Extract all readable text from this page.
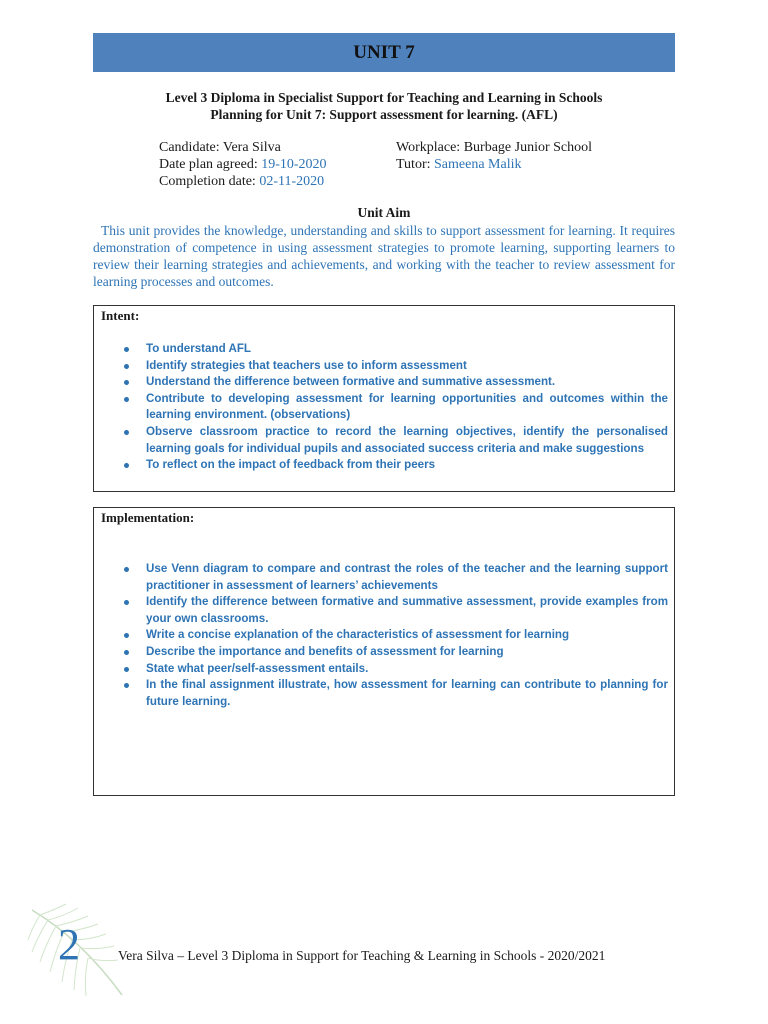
UNIT 7
Level 3 Diploma in Specialist Support for Teaching and Learning in Schools
Planning for Unit 7: Support assessment for learning. (AFL)
Candidate: Vera Silva	Workplace: Burbage Junior School
Date plan agreed: 19-10-2020	Tutor: Sameena Malik
Completion date: 02-11-2020
Unit Aim
This unit provides the knowledge, understanding and skills to support assessment for learning. It requires demonstration of competence in using assessment strategies to promote learning, supporting learners to review their learning strategies and achievements, and working with the teacher to review assessment for learning processes and outcomes.
Intent:
To understand AFL
Identify strategies that teachers use to inform assessment
Understand the difference between formative and summative assessment.
Contribute to developing assessment for learning opportunities and outcomes within the learning environment. (observations)
Observe classroom practice to record the learning objectives, identify the personalised learning goals for individual pupils and associated success criteria and make suggestions
To reflect on the impact of feedback from their peers
Implementation:
Use Venn diagram to compare and contrast the roles of the teacher and the learning support practitioner in assessment of learners’ achievements
Identify the difference between formative and summative assessment, provide examples from your own classrooms.
Write a concise explanation of the characteristics of assessment for learning
Describe the importance and benefits of assessment for learning
State what peer/self-assessment entails.
In the final assignment illustrate, how assessment for learning can contribute to planning for future learning.
2	Vera Silva – Level 3 Diploma in Support for Teaching & Learning in Schools - 2020/2021
